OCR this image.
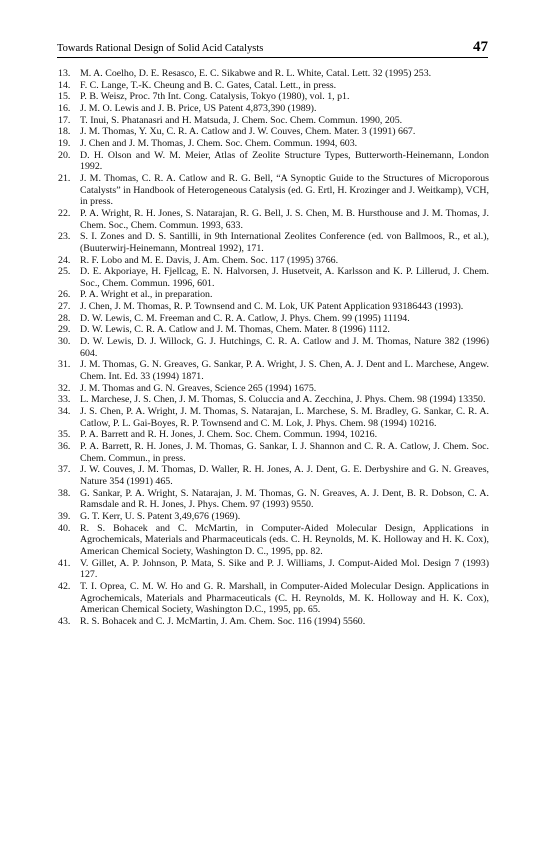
Towards Rational Design of Solid Acid Catalysts	47
13. M. A. Coelho, D. E. Resasco, E. C. Sikabwe and R. L. White, Catal. Lett. 32 (1995) 253.
14. F. C. Lange, T.-K. Cheung and B. C. Gates, Catal. Lett., in press.
15. P. B. Weisz, Proc. 7th Int. Cong. Catalysis, Tokyo (1980), vol. 1, p1.
16. J. M. O. Lewis and J. B. Price, US Patent 4,873,390 (1989).
17. T. Inui, S. Phatanasri and H. Matsuda, J. Chem. Soc. Chem. Commun. 1990, 205.
18. J. M. Thomas, Y. Xu, C. R. A. Catlow and J. W. Couves, Chem. Mater. 3 (1991) 667.
19. J. Chen and J. M. Thomas, J. Chem. Soc. Chem. Commun. 1994, 603.
20. D. H. Olson and W. M. Meier, Atlas of Zeolite Structure Types, Butterworth-Heinemann, London 1992.
21. J. M. Thomas, C. R. A. Catlow and R. G. Bell, “A Synoptic Guide to the Structures of Microporous Catalysts” in Handbook of Heterogeneous Catalysis (ed. G. Ertl, H. Krozinger and J. Weitkamp), VCH, in press.
22. P. A. Wright, R. H. Jones, S. Natarajan, R. G. Bell, J. S. Chen, M. B. Hursthouse and J. M. Thomas, J. Chem. Soc., Chem. Commun. 1993, 633.
23. S. I. Zones and D. S. Santilli, in 9th International Zeolites Conference (ed. von Ballmoos, R., et al.), (Buuterwirj-Heinemann, Montreal 1992), 171.
24. R. F. Lobo and M. E. Davis, J. Am. Chem. Soc. 117 (1995) 3766.
25. D. E. Akporiaye, H. Fjellcag, E. N. Halvorsen, J. Husetveit, A. Karlsson and K. P. Lillerud, J. Chem. Soc., Chem. Commun. 1996, 601.
26. P. A. Wright et al., in preparation.
27. J. Chen, J. M. Thomas, R. P. Townsend and C. M. Lok, UK Patent Application 93186443 (1993).
28. D. W. Lewis, C. M. Freeman and C. R. A. Catlow, J. Phys. Chem. 99 (1995) 11194.
29. D. W. Lewis, C. R. A. Catlow and J. M. Thomas, Chem. Mater. 8 (1996) 1112.
30. D. W. Lewis, D. J. Willock, G. J. Hutchings, C. R. A. Catlow and J. M. Thomas, Nature 382 (1996) 604.
31. J. M. Thomas, G. N. Greaves, G. Sankar, P. A. Wright, J. S. Chen, A. J. Dent and L. Marchese, Angew. Chem. Int. Ed. 33 (1994) 1871.
32. J. M. Thomas and G. N. Greaves, Science 265 (1994) 1675.
33. L. Marchese, J. S. Chen, J. M. Thomas, S. Coluccia and A. Zecchina, J. Phys. Chem. 98 (1994) 13350.
34. J. S. Chen, P. A. Wright, J. M. Thomas, S. Natarajan, L. Marchese, S. M. Bradley, G. Sankar, C. R. A. Catlow, P. L. Gai-Boyes, R. P. Townsend and C. M. Lok, J. Phys. Chem. 98 (1994) 10216.
35. P. A. Barrett and R. H. Jones, J. Chem. Soc. Chem. Commun. 1994, 10216.
36. P. A. Barrett, R. H. Jones, J. M. Thomas, G. Sankar, I. J. Shannon and C. R. A. Catlow, J. Chem. Soc. Chem. Commun., in press.
37. J. W. Couves, J. M. Thomas, D. Waller, R. H. Jones, A. J. Dent, G. E. Derbyshire and G. N. Greaves, Nature 354 (1991) 465.
38. G. Sankar, P. A. Wright, S. Natarajan, J. M. Thomas, G. N. Greaves, A. J. Dent, B. R. Dobson, C. A. Ramsdale and R. H. Jones, J. Phys. Chem. 97 (1993) 9550.
39. G. T. Kerr, U. S. Patent 3,49,676 (1969).
40. R. S. Bohacek and C. McMartin, in Computer-Aided Molecular Design, Applications in Agrochemicals, Materials and Pharmaceuticals (eds. C. H. Reynolds, M. K. Holloway and H. K. Cox), American Chemical Society, Washington D. C., 1995, pp. 82.
41. V. Gillet, A. P. Johnson, P. Mata, S. Sike and P. J. Williams, J. Comput-Aided Mol. Design 7 (1993) 127.
42. T. I. Oprea, C. M. W. Ho and G. R. Marshall, in Computer-Aided Molecular Design. Applications in Agrochemicals, Materials and Pharmaceuticals (C. H. Reynolds, M. K. Holloway and H. K. Cox), American Chemical Society, Washington D.C., 1995, pp. 65.
43. R. S. Bohacek and C. J. McMartin, J. Am. Chem. Soc. 116 (1994) 5560.
